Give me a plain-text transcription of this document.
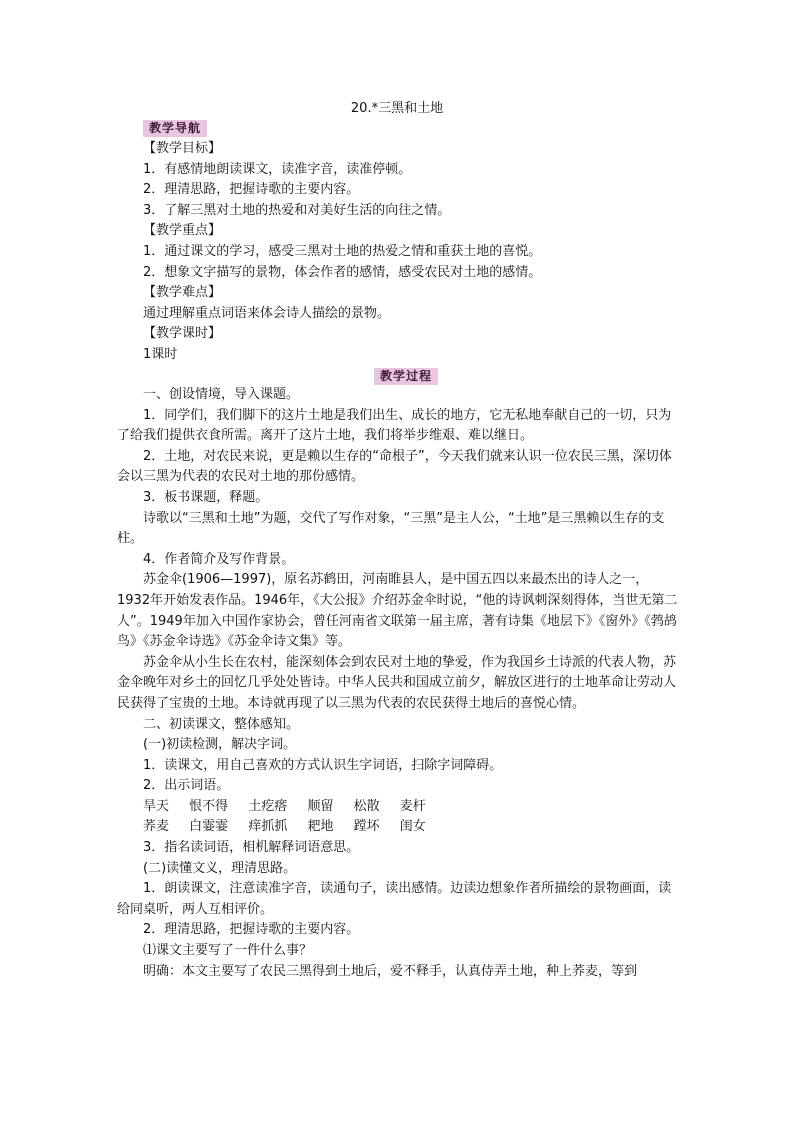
20.*三黑和土地
教学导航

【教学目标】

1．有感情地朗读课文，读准字音，读准停顿。

2．理清思路，把握诗歌的主要内容。

3．了解三黑对土地的热爱和对美好生活的向往之情。

【教学重点】

1．通过课文的学习，感受三黑对土地的热爱之情和重获土地的喜悦。

2．想象文字描写的景物，体会作者的感情，感受农民对土地的感情。

【教学难点】

通过理解重点词语来体会诗人描绘的景物。

【教学课时】

1课时

教学过程

一、创设情境，导入课题。

1．同学们，我们脚下的这片土地是我们出生、成长的地方，它无私地奉献自己的一切，只为了给我们提供衣食所需。离开了这片土地，我们将举步维艰、难以继日。

2．土地，对农民来说，更是赖以生存的“命根子”，今天我们就来认识一位农民三黑，深切体会以三黑为代表的农民对土地的那份感情。

3．板书课题，释题。

诗歌以“三黑和土地”为题，交代了写作对象，“三黑”是主人公，“土地”是三黑赖以生存的支柱。

4．作者简介及写作背景。

苏金伞(1906—1997)，原名苏鹤田，河南睢县人，是中国五四以来最杰出的诗人之一，1932年开始发表作品。1946年，《大公报》介绍苏金伞时说，“他的诗讽刺深刻得体，当世无第二人”。1949年加入中国作家协会，曾任河南省文联第一届主席，著有诗集《地层下》《窗外》《鹁鸪鸟》《苏金伞诗选》《苏金伞诗文集》等。

苏金伞从小生长在农村，能深刻体会到农民对土地的挚爱，作为我国乡土诗派的代表人物，苏金伞晚年对乡土的回忆几乎处处皆诗。中华人民共和国成立前夕，解放区进行的土地革命让劳动人民获得了宝贵的土地。本诗就再现了以三黑为代表的农民获得土地后的喜悦心情。

二、初读课文，整体感知。

(一)初读检测，解决字词。

1．读课文，用自己喜欢的方式认识生字词语，扫除字词障碍。

2．出示词语。

旱天 恨不得 土疙瘩 顺留 松散 麦杆

荞麦 白霎霎 痒抓抓 耙地 蹚坏 闺女

3．指名读词语，相机解释词语意思。

(二)读懂文义，理清思路。

1．朗读课文，注意读准字音，读通句子，读出感情。边读边想象作者所描绘的景物画面，读给同桌听，两人互相评价。

2．理清思路，把握诗歌的主要内容。

⑴课文主要写了一件什么事？

明确：本文主要写了农民三黑得到土地后，爱不释手，认真侍弄土地，种上荞麦，等到
